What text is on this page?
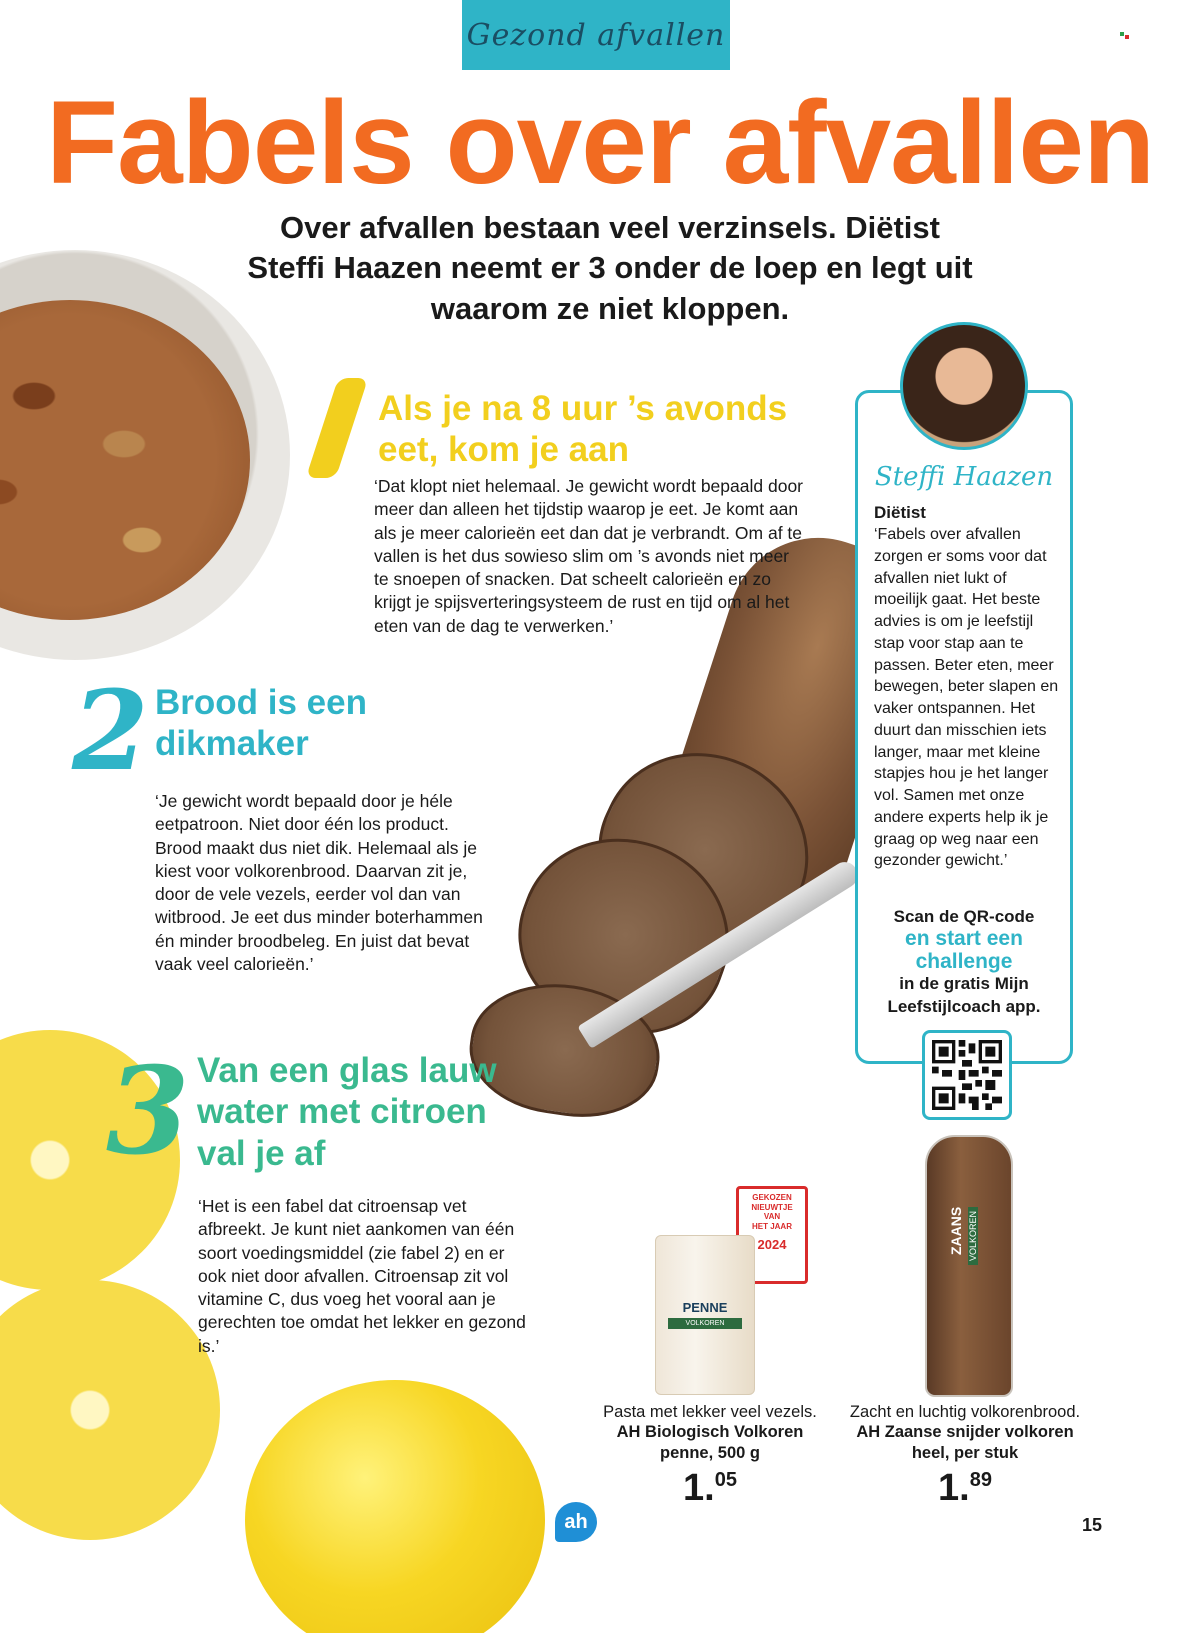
Gezond afvallen
Fabels over afvallen

Over afvallen bestaan veel verzinsels. Diëtist Steffi Haazen neemt er 3 onder de loep en legt uit waarom ze niet kloppen.

Als je na 8 uur ’s avonds eet, kom je aan

‘Dat klopt niet helemaal. Je gewicht wordt bepaald door meer dan alleen het tijdstip waarop je eet. Je komt aan als je meer calorieën eet dan dat je verbrandt. Om af te vallen is het dus sowieso slim om ’s avonds niet meer te snoepen of snacken. Dat scheelt calorieën en zo krijgt je spijsverteringsysteem de rust en tijd om al het eten van de dag te verwerken.’

2 Brood is een dikmaker

‘Je gewicht wordt bepaald door je héle eetpatroon. Niet door één los product. Brood maakt dus niet dik. Helemaal als je kiest voor volkorenbrood. Daarvan zit je, door de vele vezels, eerder vol dan van witbrood. Je eet dus minder boterhammen én minder broodbeleg. En juist dat bevat vaak veel calorieën.’

3 Van een glas lauw water met citroen val je af

‘Het is een fabel dat citroensap vet afbreekt. Je kunt niet aankomen van één soort voedingsmiddel (zie fabel 2) en er ook niet door afvallen. Citroensap zit vol vitamine C, dus voeg het vooral aan je gerechten toe omdat het lekker en gezond is.’

Steffi Haazen
Diëtist

‘Fabels over afvallen zorgen er soms voor dat afvallen niet lukt of moeilijk gaat. Het beste advies is om je leefstijl stap voor stap aan te passen. Beter eten, meer bewegen, beter slapen en vaker ontspannen. Het duurt dan misschien iets langer, maar met kleine stapjes hou je het langer vol. Samen met onze andere experts help ik je graag op weg naar een gezonder gewicht.’

Scan de QR-code
en start een challenge
in de gratis Mijn Leefstijlcoach app.
GEKOZEN
NIEUWTJE
VAN
HET JAAR
2024
PENNE
VOLKOREN
ZAANS VOLKOREN
Pasta met lekker veel vezels.
AH Biologisch Volkoren penne, 500 g
1.05
Zacht en luchtig volkorenbrood.
AH Zaanse snijder volkoren heel, per stuk
1.89
ah	15
